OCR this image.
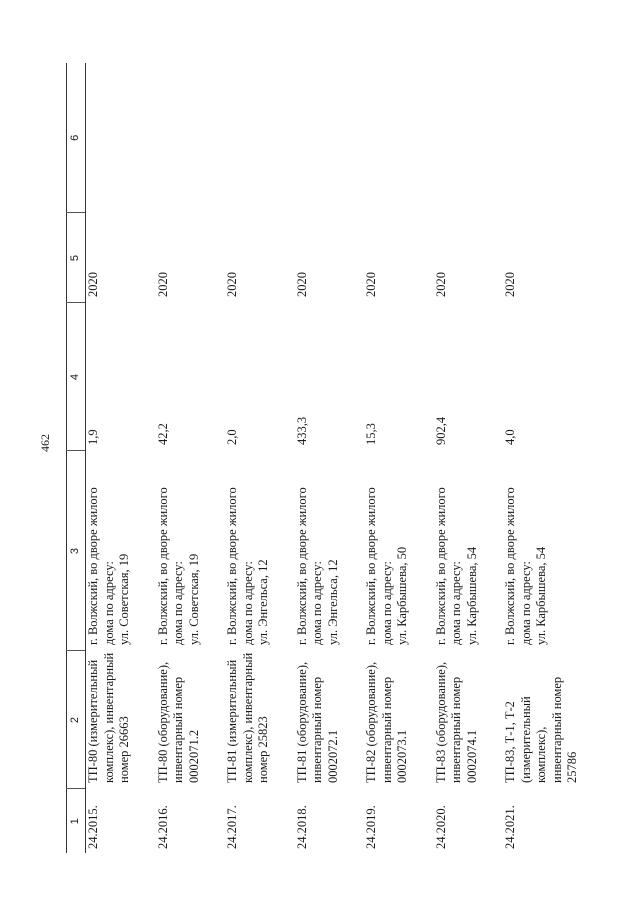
462
1	2	3	4	5	6
24.2015.	ТП-80 (измерительный
комплекс), инвентарный
номер 26663	г. Волжский, во дворе жилого
дома по адресу:
ул. Советская, 19	1,9	2020	
24.2016.	ТП-80 (оборудование),
инвентарный номер
0002071.2	г. Волжский, во дворе жилого
дома по адресу:
ул. Советская, 19	42,2	2020	
24.2017.	ТП-81 (измерительный
комплекс), инвентарный
номер 25823	г. Волжский, во дворе жилого
дома по адресу:
ул. Энгельса, 12	2,0	2020	
24.2018.	ТП-81 (оборудование),
инвентарный номер
0002072.1	г. Волжский, во дворе жилого
дома по адресу:
ул. Энгельса, 12	433,3	2020	
24.2019.	ТП-82 (оборудование),
инвентарный номер
0002073.1	г. Волжский, во дворе жилого
дома по адресу:
ул. Карбышева, 50	15,3	2020	
24.2020.	ТП-83 (оборудование),
инвентарный номер
0002074.1	г. Волжский, во дворе жилого
дома по адресу:
ул. Карбышева, 54	902,4	2020	
24.2021.	ТП-83, Т-1, Т-2
(измерительный комплекс),
инвентарный номер 25786	г. Волжский, во дворе жилого
дома по адресу:
ул. Карбышева, 54	4,0	2020	
